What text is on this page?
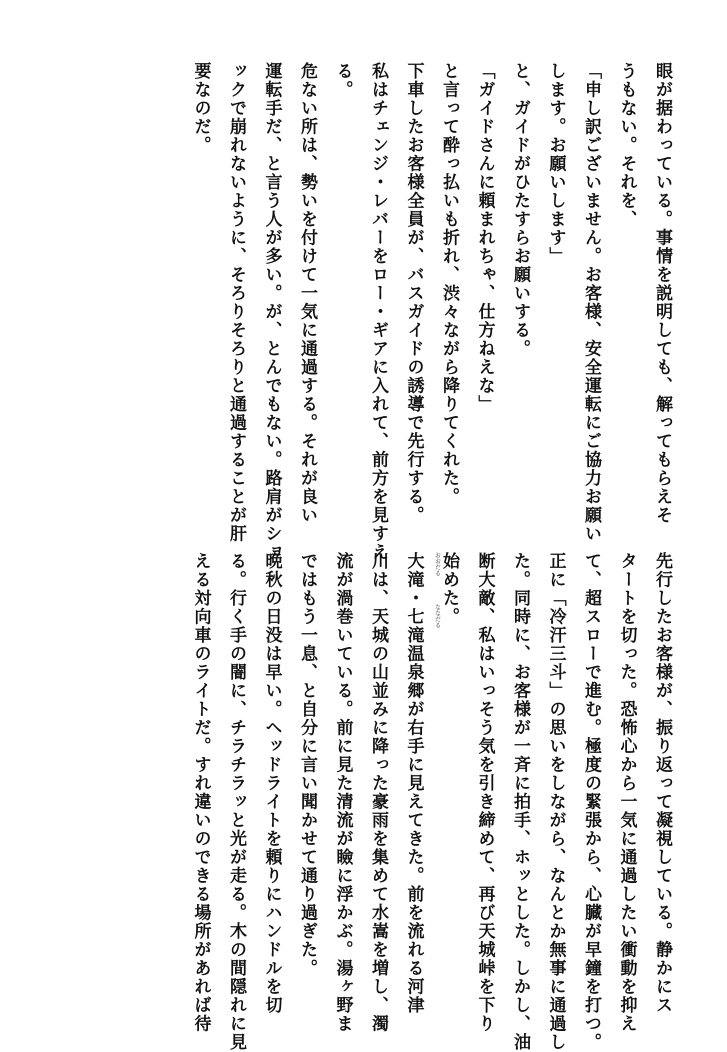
眼が据わっている。事情を説明しても、解ってもらえそ
うもない。それを、
「申し訳ございません。お客様、安全運転にご協力お願い
します。お願いします」
と、ガイドがひたすらお願いする。
「ガイドさんに頼まれちゃ、仕方ねえな」
と言って酔っ払いも折れ、渋々ながら降りてくれた。
下車したお客様全員が、バスガイドの誘導で先行する。
私はチェンジ・レバーをロー・ギアに入れて、前方を見すえ
る。
危ない所は、勢いを付けて一気に通過する。それが良い
運転手だ、と言う人が多い。が、とんでもない。路肩がショ
ックで崩れないように、そろりそろりと通過することが肝
要なのだ。
先行したお客様が、振り返って凝視している。静かにス
タートを切った。恐怖心から一気に通過したい衝動を抑え
て、超スローで進む。極度の緊張から、心臓が早鐘を打つ。
正に「冷汗三斗」の思いをしながら、なんとか無事に通過し
た。同時に、お客様が一斉に拍手、ホッとした。しかし、油
断大敵、私はいっそう気を引き締めて、再び天城峠を下り
始めた。
おおだる
ななだる
大滝・七滝温泉郷が右手に見えてきた。前を流れる河津
川は、天城の山並みに降った豪雨を集めて水嵩を増し、濁
流が渦巻いている。前に見た清流が瞼に浮かぶ。湯ヶ野ま
ではもう一息、と自分に言い聞かせて通り過ぎた。
晩秋の日没は早い。ヘッドライトを頼りにハンドルを切
る。行く手の闇に、チラチラッと光が走る。木の間隠れに見
える対向車のライトだ。すれ違いのできる場所があれば待
